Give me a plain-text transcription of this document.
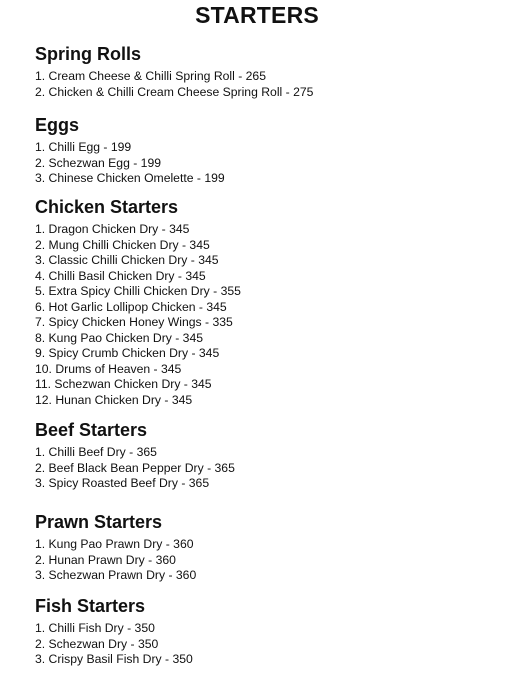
STARTERS
Spring Rolls
1. Cream Cheese & Chilli Spring Roll - 265
2. Chicken & Chilli Cream Cheese Spring Roll - 275
Eggs
1. Chilli Egg - 199
2. Schezwan Egg - 199
3. Chinese Chicken Omelette - 199
Chicken Starters
1. Dragon Chicken Dry - 345
2. Mung Chilli Chicken Dry - 345
3. Classic Chilli Chicken Dry - 345
4. Chilli Basil Chicken Dry - 345
5. Extra Spicy Chilli Chicken Dry - 355
6. Hot Garlic Lollipop Chicken - 345
7. Spicy Chicken Honey Wings - 335
8. Kung Pao Chicken Dry - 345
9. Spicy Crumb Chicken Dry - 345
10. Drums of Heaven - 345
11. Schezwan Chicken Dry - 345
12. Hunan Chicken Dry - 345
Beef Starters
1. Chilli Beef Dry - 365
2. Beef Black Bean Pepper Dry - 365
3. Spicy Roasted Beef Dry - 365
Prawn Starters
1. Kung Pao Prawn Dry - 360
2. Hunan Prawn Dry - 360
3. Schezwan Prawn Dry - 360
Fish Starters
1. Chilli Fish Dry - 350
2. Schezwan Dry - 350
3. Crispy Basil Fish Dry - 350
